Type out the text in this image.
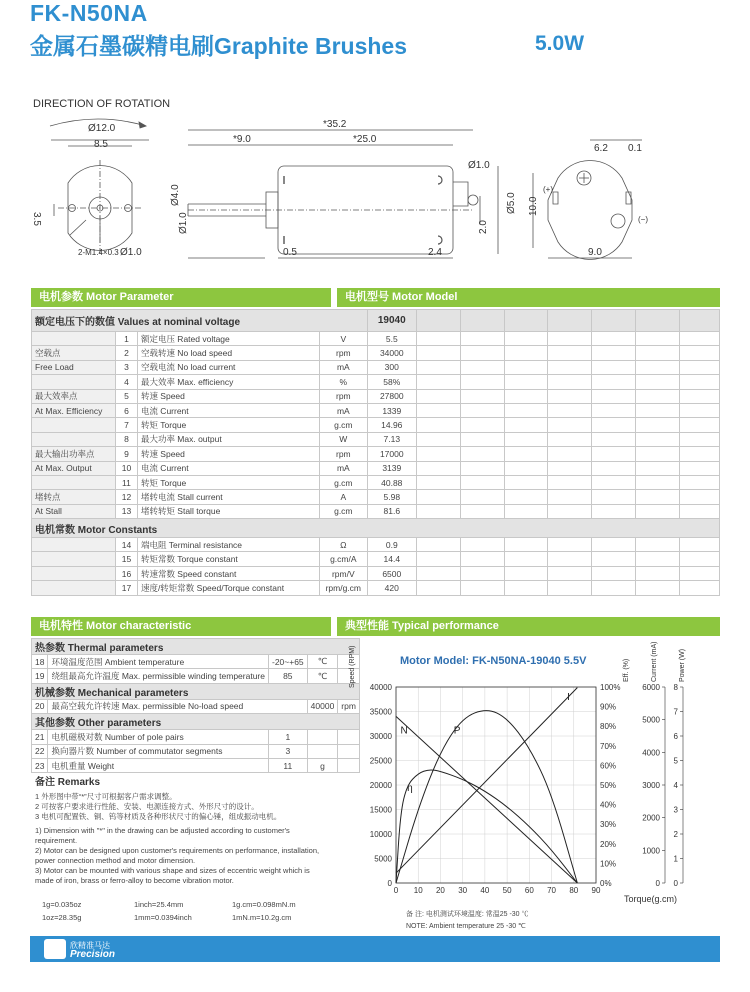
FK-N50NA
金属石墨碳精电刷Graphite Brushes	5.0W
DIRECTION OF ROTATION
Ø12.0
8.5
3.5
2-M1.4×0.3 Ø1.0
*35.2
*9.0	*25.0
Ø1.0
Ø4.0
Ø1.0
Ø5.0
2.0
0.5	2.4
6.2 0.1
10.0
(+)
(−)
9.0
电机参数 Motor Parameter	电机型号 Motor Model
额定电压下的数值 Values at nominal voltage				19040							
	1	额定电压 Rated voltage	V	5.5							
空载点	2	空载转速 No load speed	rpm	34000							
Free Load	3	空载电流 No load current	mA	300							
	4	最大效率 Max. efficiency	%	58%							
最大效率点	5	转速 Speed	rpm	27800							
At Max. Efficiency	6	电流 Current	mA	1339							
	7	转矩 Torque	g.cm	14.96							
	8	最大功率 Max. output	W	7.13							
最大输出功率点	9	转速 Speed	rpm	17000							
At Max. Output	10	电流 Current	mA	3139							
	11	转矩 Torque	g.cm	40.88							
堵转点	12	堵转电流 Stall current	A	5.98							
At Stall	13	堵转转矩 Stall torque	g.cm	81.6							
电机常数 Motor Constants											
	14	端电阻 Terminal resistance	Ω	0.9							
	15	转矩常数 Torque constant	g.cm/A	14.4							
	16	转速常数 Speed constant	rpm/V	6500							
	17	速度/转矩常数 Speed/Torque constant	rpm/g.cm	420							
电机特性 Motor characteristic	典型性能 Typical performance
热参数 Thermal parameters				
18	环境温度范围 Ambient temperature	-20~+65	℃	
19	绕组最高允许温度 Max. permissible winding temperature	85	℃	
机械参数 Mechanical parameters				
20	最高空载允许转速 Max. permissible No-load speed		40000	rpm
其他参数 Other parameters				
21	电机磁极对数 Number of pole pairs	1		
22	换向器片数 Number of commutator segments	3		
23	电机重量 Weight	11	g	
备注 Remarks
1 外形图中带“*”尺寸可根据客户需求调整。
2 可按客户要求进行性能、安装、电源连接方式、外形尺寸的设计。
3 电机可配置铁、铜、钨等材质及各种形状尺寸的偏心锤，组成振动电机。
1) Dimension with "*" in the drawing can be adjusted according to customer's requirement.
2) Motor can be designed upon customer's requirements on performance, installation, power connection method and motor dimension.
3) Motor can be mounted with various shape and sizes of eccentric weight which is made of iron, brass or ferro-alloy to become vibration motor.
1g=0.035oz	1inch=25.4mm	1g.cm=0.098mN.m
1oz=28.35g	1mm=0.0394inch	1mN.m=10.2g.cm
Motor Model: FK-N50NA-19040 5.5V
N	P
η
I
0 10 20 30 40 50 60 70 80 90
0
5000
10000
15000
20000
25000
30000
35000
40000
0%
10%
20%
30%
40%
50%
60%
70%
80%
90%
100%
0
1000
2000
3000
4000
5000
6000
0
1
2
3
4
5
6
7
8
Torque(g.cm)
Speed (RPM)	Eff. (%)	Current (mA)	Power (W)
备 注: 电机测试环境温度: 常温25 -30 ℃
NOTE: Ambient temperature 25 -30 ℃
欣精准马达
Precision
